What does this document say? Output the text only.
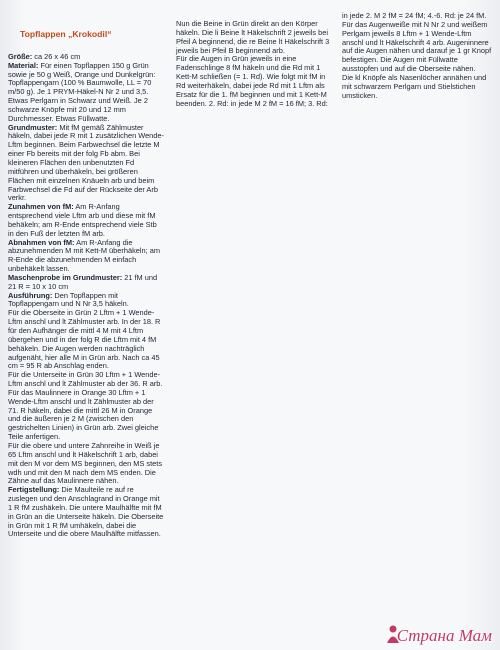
Topflappen „Krokodil“

Größe: ca 26 x 46 cm

Material: Für einen Topflappen 150 g Grün sowie je 50 g Weiß, Orange und Dunkelgrün: Topflappengarn (100 % Baumwolle, LL = 70 m/50 g). Je 1 PRYM-Häkel-N Nr 2 und 3,5.

Etwas Perlgarn in Schwarz und Weiß. Je 2 schwarze Knöpfe mit 20 und 12 mm Durchmesser. Etwas Füllwatte.

Grundmuster: Mit fM gemäß Zählmuster häkeln, dabei jede R mit 1 zusätzlichen Wende-Lftm beginnen. Beim Farbwechsel die letzte M einer Fb bereits mit der folg Fb abm. Bei kleineren Flächen den unbenutzten Fd mitführen und überhäkeln, bei größeren Flächen mit einzelnen Knäueln arb und beim Farbwechsel die Fd auf der Rückseite der Arb verkr.

Zunahmen von fM: Am R-Anfang entsprechend viele Lftm arb und diese mit fM behäkeln; am R-Ende entsprechend viele Stb in den Fuß der letzten fM arb.

Abnahmen von fM: Am R-Anfang die abzunehmenden M mit Kett-M überhäkeln; am R-Ende die abzunehmenden M einfach unbehäkelt lassen.

Maschenprobe im Grundmuster: 21 fM und 21 R = 10 x 10 cm

Ausführung: Den Topflappen mit Topflappengarn und N Nr 3,5 häkeln.

Für die Oberseite in Grün 2 Lftm + 1 Wende-Lftm anschl und lt Zählmuster arb. In der 18. R für den Aufhänger die mittl 4 M mit 4 Lftm übergehen und in der folg R die Lftm mit 4 fM behäkeln. Die Augen werden nachträglich aufgenäht, hier alle M in Grün arb. Nach ca 45 cm = 95 R ab Anschlag enden.

Für die Unterseite in Grün 30 Lftm + 1 Wende-Lftm anschl und lt Zählmuster ab der 36. R arb.

Für das Maulinnere in Orange 30 Lftm + 1 Wende-Lftm anschl und lt Zählmuster ab der 71. R häkeln, dabei die mittl 26 M in Orange und die äußeren je 2 M (zwischen den gestrichelten Linien) in Grün arb. Zwei gleiche Teile anfertigen.

Für die obere und untere Zahnreihe in Weiß je 65 Lftm anschl und lt Häkelschrift 1 arb, dabei mit den M vor dem MS beginnen, den MS stets wdh und mit den M nach dem MS enden. Die Zähne auf das Maulinnere nähen.

Fertigstellung: Die Maulteile re auf re zuslegen und den Anschlagrand in Orange mit 1 R fM zushäkeln. Die untere Maulhälfte mit fM in Grün an die Unterseite häkeln. Die Oberseite in Grün mit 1 R fM umhäkeln, dabei die Unterseite und die obere Maulhälfte mitfassen.

Nun die Beine in Grün direkt an den Körper häkeln. Die li Beine lt Häkelschrift 2 jeweils bei Pfeil A beginnend, die re Beine lt Häkelschrift 3 jeweils bei Pfeil B beginnend arb.

Für die Augen in Grün jeweils in eine Fadenschlinge 8 fM häkeln und die Rd mit 1 Kett-M schließen (= 1. Rd). Wie folgt mit fM in Rd weiterhäkeln, dabei jede Rd mit 1 Lftm als Ersatz für die 1. fM beginnen und mit 1 Kett-M beenden. 2. Rd: in jede M 2 fM = 16 fM; 3. Rd:

in jede 2. M 2 fM = 24 fM; 4.-6. Rd: je 24 fM.

Für das Augenweiße mit N Nr 2 und weißem Perlgarn jeweils 8 Lftm + 1 Wende-Lftm anschl und lt Häkelschrift 4 arb. Augeninnere auf die Augen nähen und darauf je 1 gr Knopf befestigen. Die Augen mit Füllwatte ausstopfen und auf die Oberseite nähen.

Die kl Knöpfe als Nasenlöcher annähen und mit schwarzem Perlgarn und Stielstichen umsticken.

Страна Мам
